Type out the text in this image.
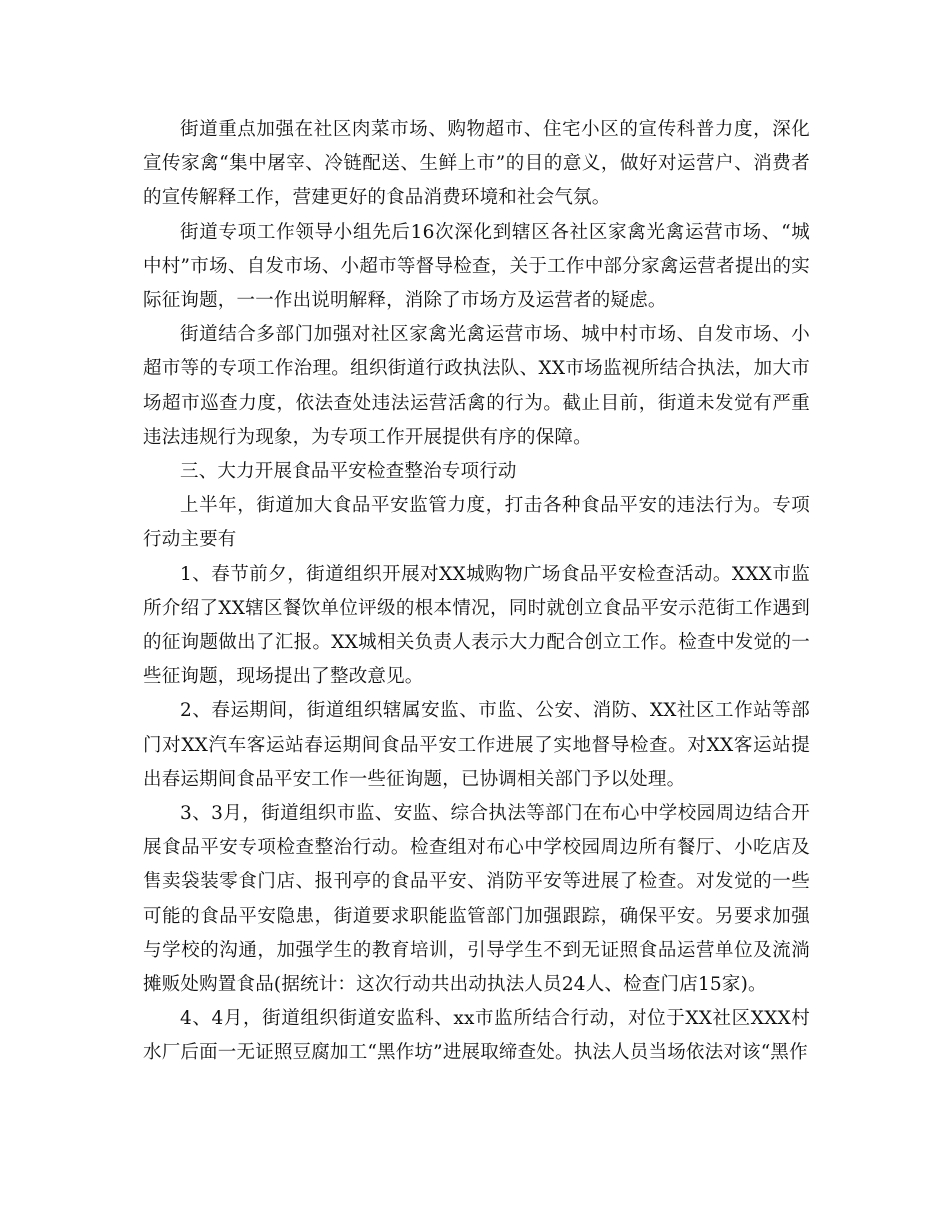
街道重点加强在社区肉菜市场、购物超市、住宅小区的宣传科普力度，深化宣传家禽“集中屠宰、冷链配送、生鲜上市”的目的意义，做好对运营户、消费者的宣传解释工作，营建更好的食品消费环境和社会气氛。

街道专项工作领导小组先后16次深化到辖区各社区家禽光禽运营市场、“城中村”市场、自发市场、小超市等督导检查，关于工作中部分家禽运营者提出的实际征询题，一一作出说明解释，消除了市场方及运营者的疑虑。

街道结合多部门加强对社区家禽光禽运营市场、城中村市场、自发市场、小超市等的专项工作治理。组织街道行政执法队、XX市场监视所结合执法，加大市场超市巡查力度，依法查处违法运营活禽的行为。截止目前，街道未发觉有严重违法违规行为现象，为专项工作开展提供有序的保障。

三、大力开展食品平安检查整治专项行动

上半年，街道加大食品平安监管力度，打击各种食品平安的违法行为。专项行动主要有

1、春节前夕，街道组织开展对XX城购物广场食品平安检查活动。XXX市监所介绍了XX辖区餐饮单位评级的根本情况，同时就创立食品平安示范街工作遇到的征询题做出了汇报。XX城相关负责人表示大力配合创立工作。检查中发觉的一些征询题，现场提出了整改意见。

2、春运期间，街道组织辖属安监、市监、公安、消防、XX社区工作站等部门对XX汽车客运站春运期间食品平安工作进展了实地督导检查。对XX客运站提出春运期间食品平安工作一些征询题，已协调相关部门予以处理。

3、3月，街道组织市监、安监、综合执法等部门在布心中学校园周边结合开展食品平安专项检查整治行动。检查组对布心中学校园周边所有餐厅、小吃店及售卖袋装零食门店、报刊亭的食品平安、消防平安等进展了检查。对发觉的一些可能的食品平安隐患，街道要求职能监管部门加强跟踪，确保平安。另要求加强与学校的沟通，加强学生的教育培训，引导学生不到无证照食品运营单位及流淌摊贩处购置食品(据统计：这次行动共出动执法人员24人、检查门店15家)。

4、4月，街道组织街道安监科、xx市监所结合行动，对位于XX社区XXX村水厂后面一无证照豆腐加工“黑作坊”进展取缔查处。执法人员当场依法对该“黑作
